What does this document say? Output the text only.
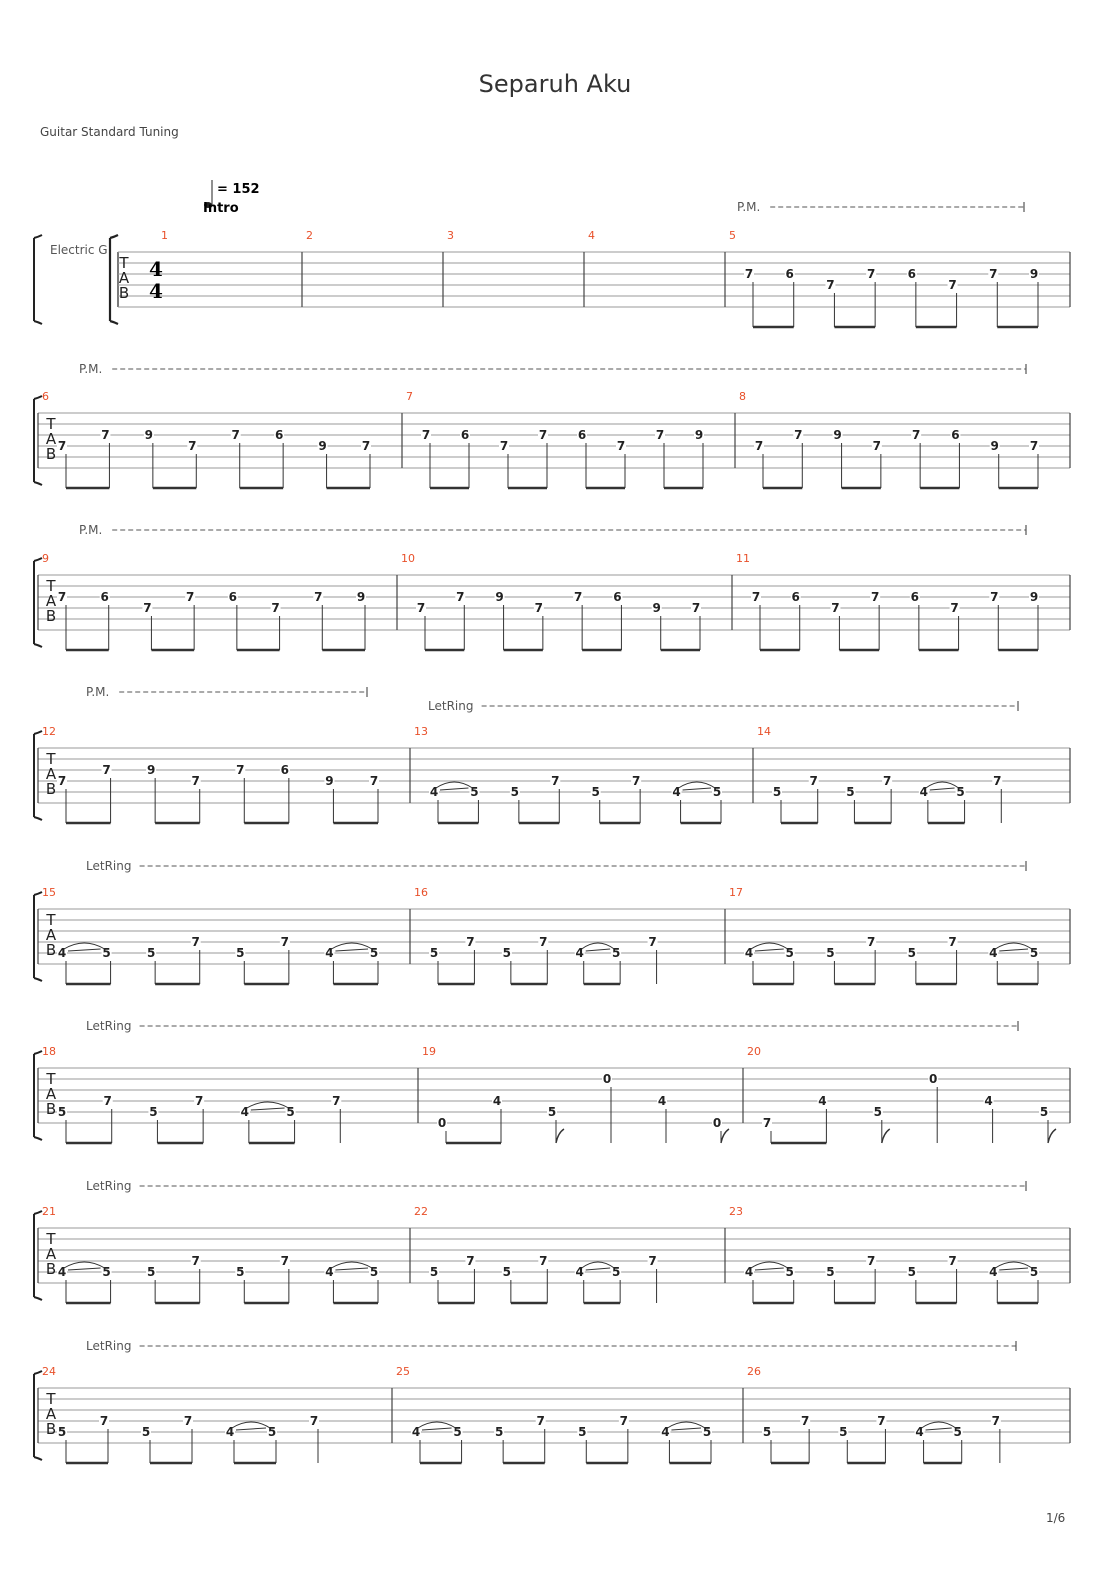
Separuh Aku
Guitar Standard Tuning
T
A
B
4
4
Electric G
= 152
Intro
1	2	3	4	5
7	6
7
7	6
7
7	9
P.M.
T
A
B
6
7
7	9
7
7	6
9	7
7
7	6
7
7	6
7
7	9
8
7
7	9
7
7	6
9	7
P.M.
T
A
B
9
7	6
7
7	6
7
7	9
10
7
7	9
7
7	6
9	7
11
7	6
7
7	6
7
7	9
P.M.
T
A
B
12
7
7	9
7
7	6
9	7
13
4	5	5
7
5
7
4	5
14
5
7
5
7
4 5
7
P.M.
LetRing
T
A
B
15
4	5	5
7
5
7
4	5
16
5
7
5
7
4 5
7
17
4	5	5
7
5
7
4	5
LetRing
T
A
B
18
5
7
5
7
4	5
7
19
0
4
5
0
4
0
20
7
4
5
0
4
5
LetRing
T
A
B
21
4	5	5
7
5
7
4	5
22
5
7
5
7
4 5
7
23
4	5	5
7
5
7
4	5
LetRing
T
A
B
24
5
7
5
7
4	5
7
25
4	5	5
7
5
7
4	5
26
5
7
5
7
4 5
7
LetRing
1/6
